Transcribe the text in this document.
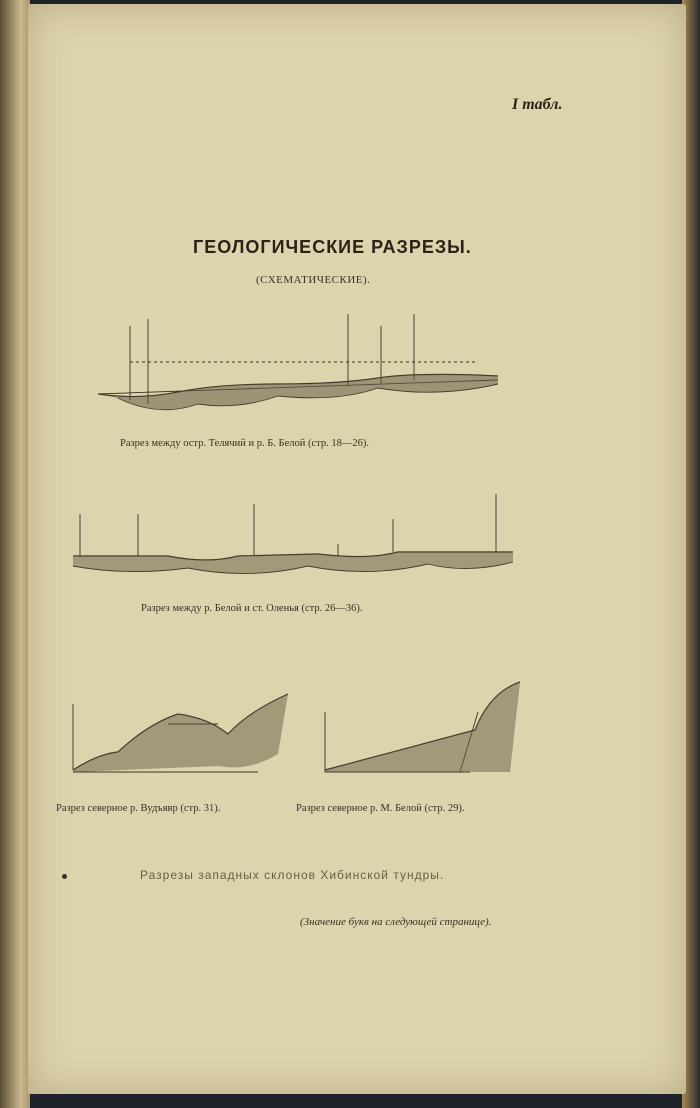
I табл.
ГЕОЛОГИЧЕСКИЕ РАЗРЕЗЫ.
(СХЕМАТИЧЕСКИЕ).
Разрез между остр. Телячий и р. Б. Белой (стр. 18—26).
Разрез между р. Белой и ст. Оленья (стр. 26—36).
Разрез северное р. Вудъявр (стр. 31).	Разрез северное р. М. Белой (стр. 29).
Разрезы западных склонов Хибинской тундры.
(Значение букв на следующей странице).
